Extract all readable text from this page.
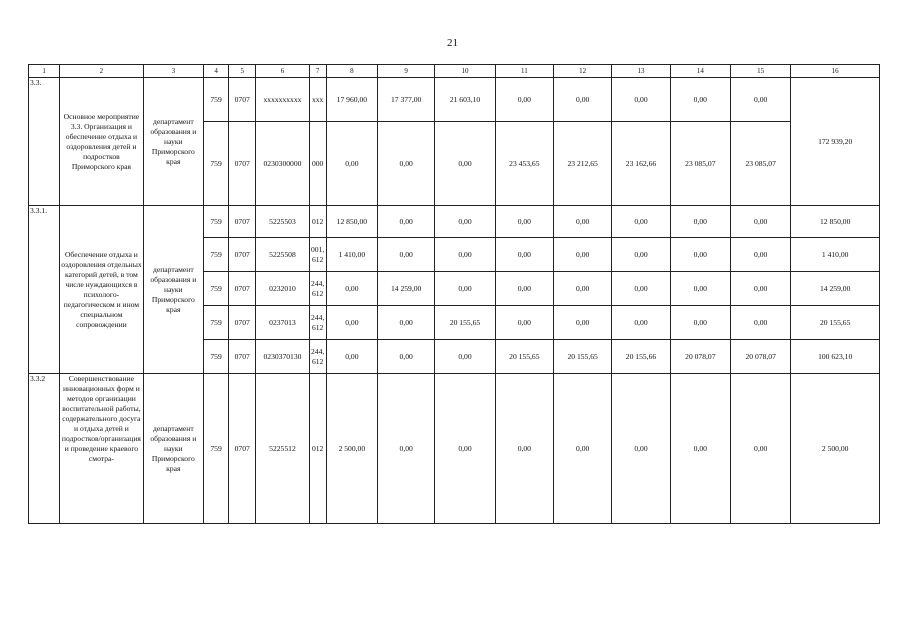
21
1	2	3	4	5	6	7	8	9	10	11	12	13	14	15	16
3.3.	Основное мероприятие 3.3. Организация и обеспечение отдыха и оздоровления детей и подростков Приморского края	департамент образования и науки Приморского края	759	0707	xxxxxxxxxx	xxx	17 960,00	17 377,00	21 603,10	0,00	0,00	0,00	0,00	0,00	172 939,20
			759	0707	0230300000	000	0,00	0,00	0,00	23 453,65	23 212,65	23 162,66	23 085,07	23 085,07	
3.3.1.	Обеспечение отдыха и оздоровления отдельных категорий детей, в том числе нуждающихся в психолого-педагогическом и ином специальном сопровождении	департамент образования и науки Приморского края	759	0707	5225503	012	12 850,00	0,00	0,00	0,00	0,00	0,00	0,00	0,00	12 850,00
			759	0707	5225508	001, 612	1 410,00	0,00	0,00	0,00	0,00	0,00	0,00	0,00	1 410,00
			759	0707	0232010	244, 612	0,00	14 259,00	0,00	0,00	0,00	0,00	0,00	0,00	14 259,00
			759	0707	0237013	244, 612	0,00	0,00	20 155,65	0,00	0,00	0,00	0,00	0,00	20 155,65
			759	0707	0230370130	244, 612	0,00	0,00	0,00	20 155,65	20 155,65	20 155,66	20 078,07	20 078,07	100 623,10
3.3.2	Совершенствование инновационных форм и методов организации воспитательной работы, содержательного досуга и отдыха детей и подростков/организация и проведение краевого смотра-	департамент образования и науки Приморского края	759	0707	5225512	012	2 500,00	0,00	0,00	0,00	0,00	0,00	0,00	0,00	2 500,00
